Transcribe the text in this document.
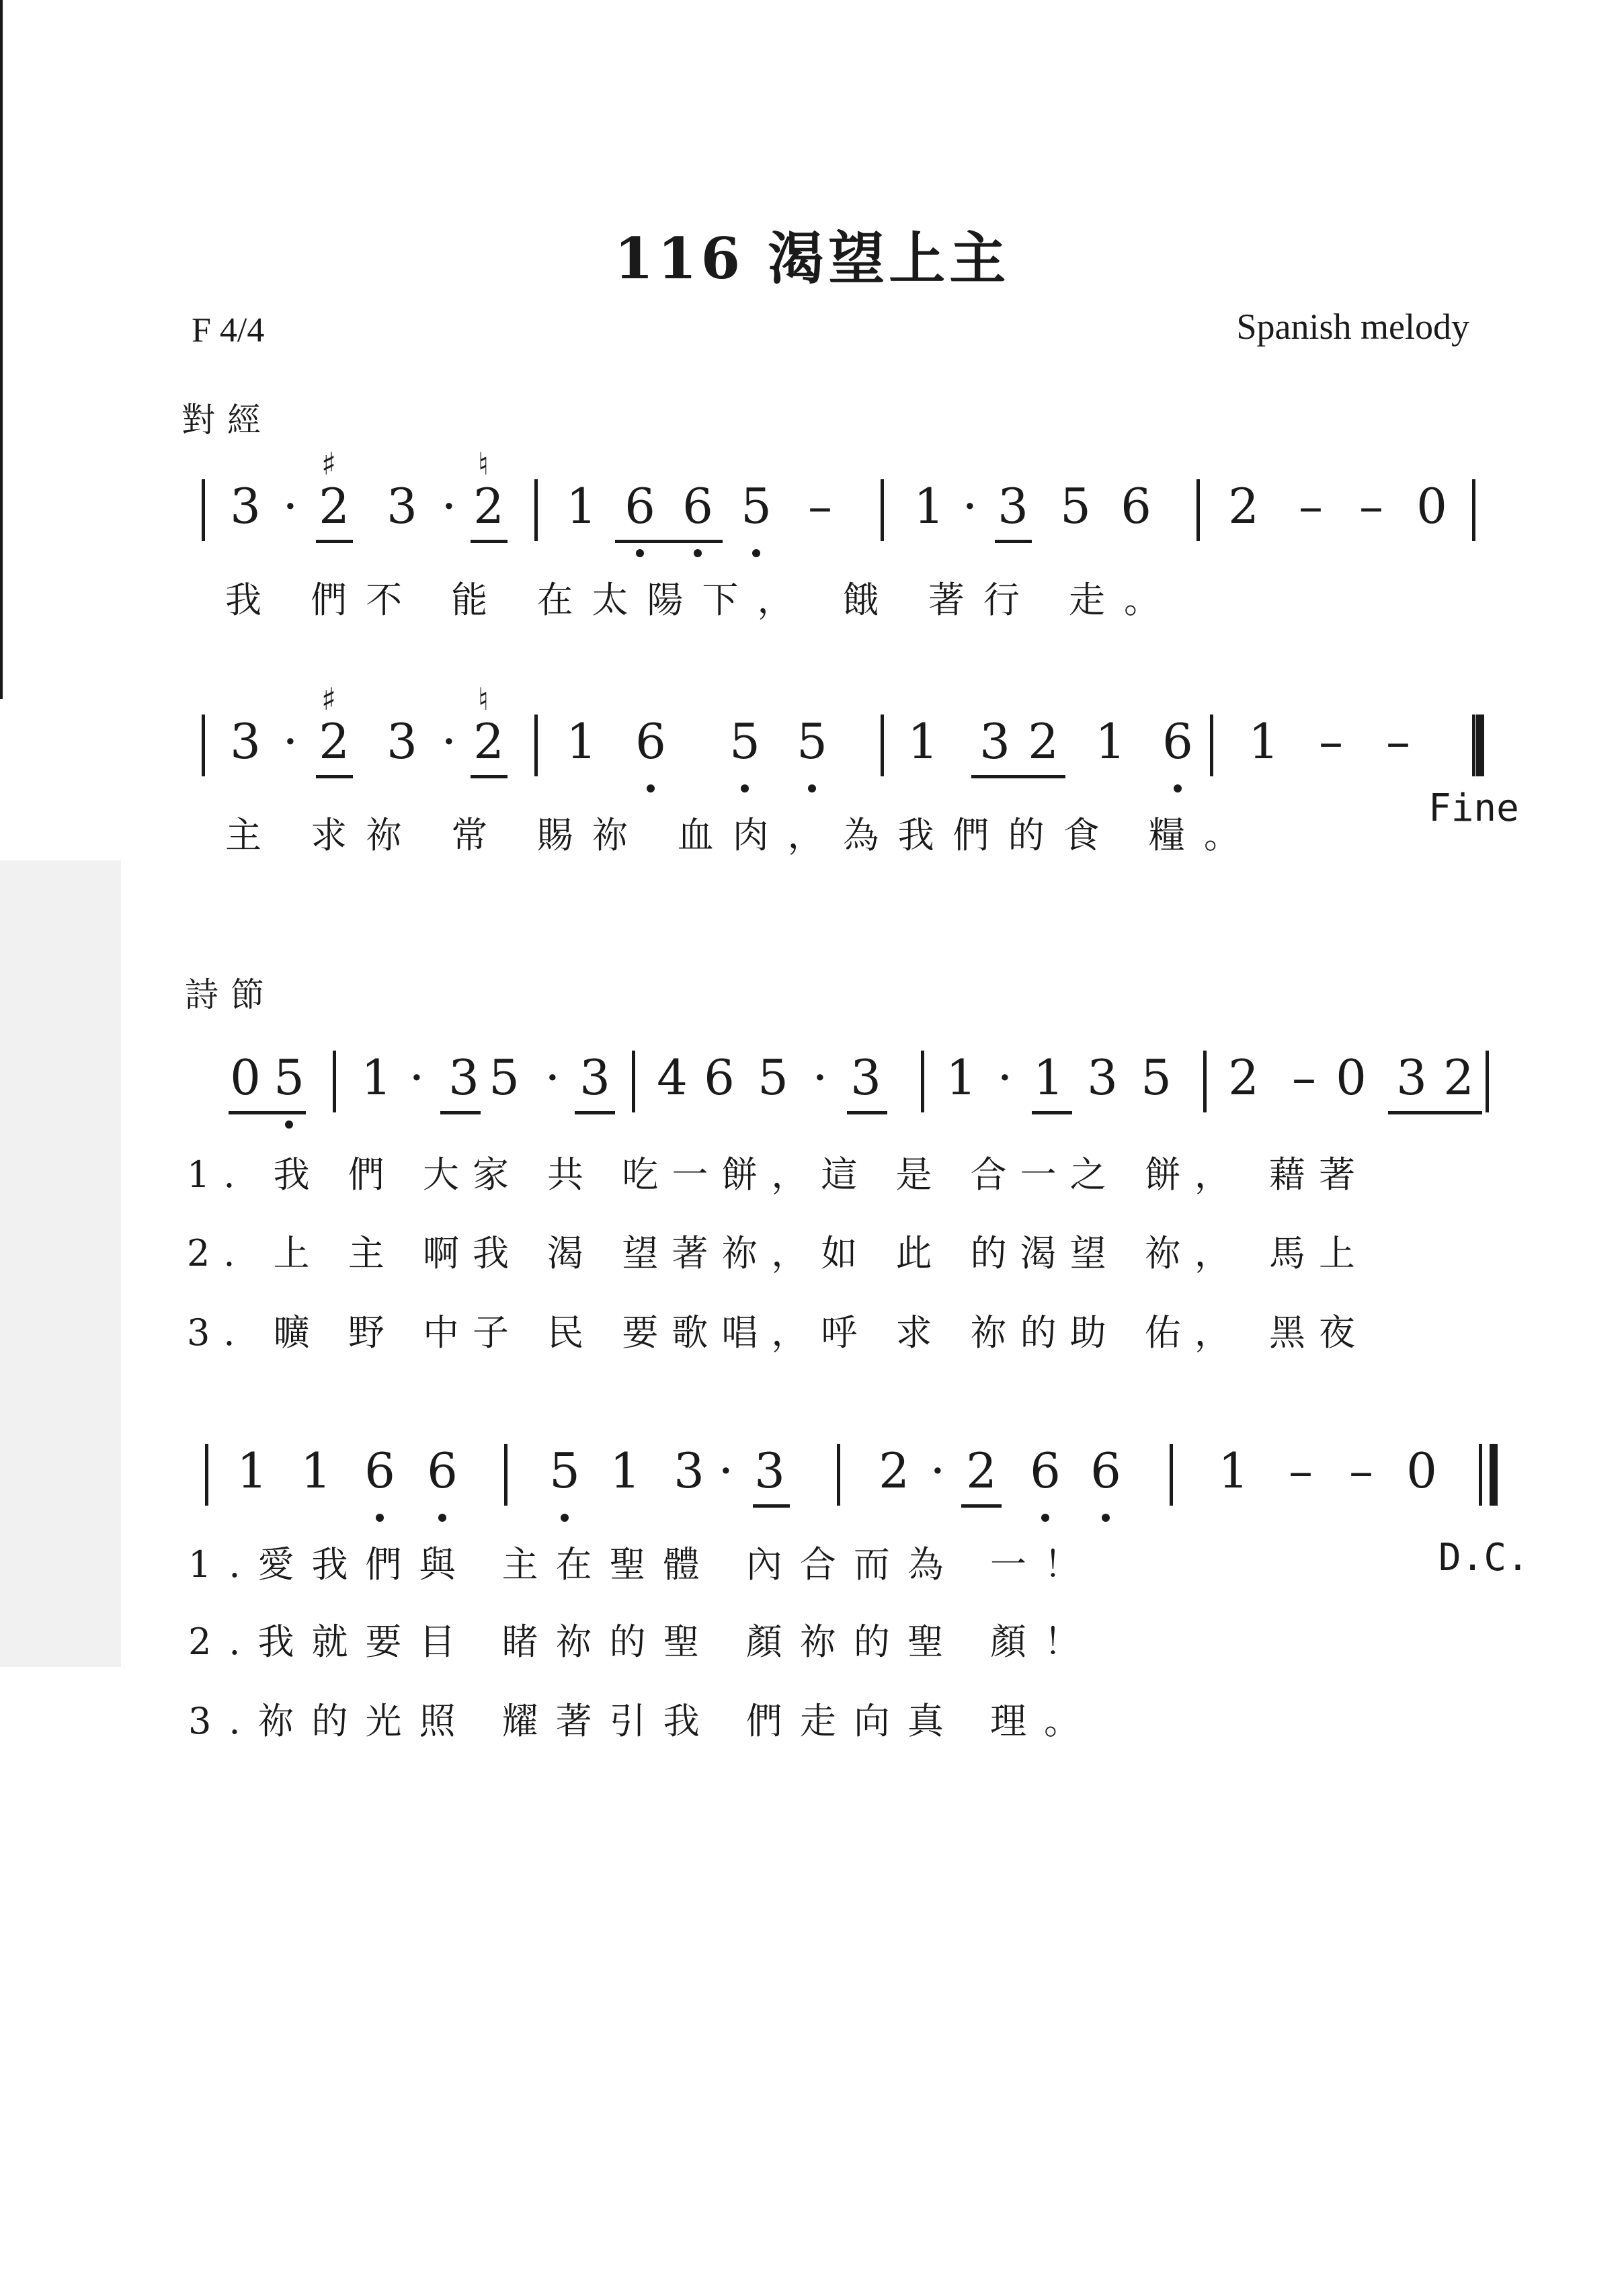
116 渴望上主
F 4/4	Spanish melody
對經
詩節
3 · 2 3 · 2 1 6 6 5 – 1 · 3 5 6 2 – – 0
♯	♮
3 · 2 3 · 2 1 6 5 5 1 3 2 1 6 1 – –
♯	♮
0 5 1 · 3 5 · 3 4 6 5 · 3 1 · 1 3 5 2 – 0 3 2
1 1 6 6 5 1 3 · 3 2 · 2 6 6 1 – – 0
我 們不 能 在太陽下， 餓 著行 走。
主 求祢 常 賜祢 血肉，為我們的食 糧。
1. 我 們 大家 共 吃一餅，這 是 合一之 餅， 藉著
2. 上 主 啊我 渴 望著祢，如 此 的渴望 祢， 馬上
3. 曠 野 中子 民 要歌唱，呼 求 祢的助 佑， 黑夜
1.愛我們與 主在聖體 內合而為 一！
2.我就要目 睹祢的聖 顏祢的聖 顏！
3.祢的光照 耀著引我 們走向真 理。
Fine
D.C.
